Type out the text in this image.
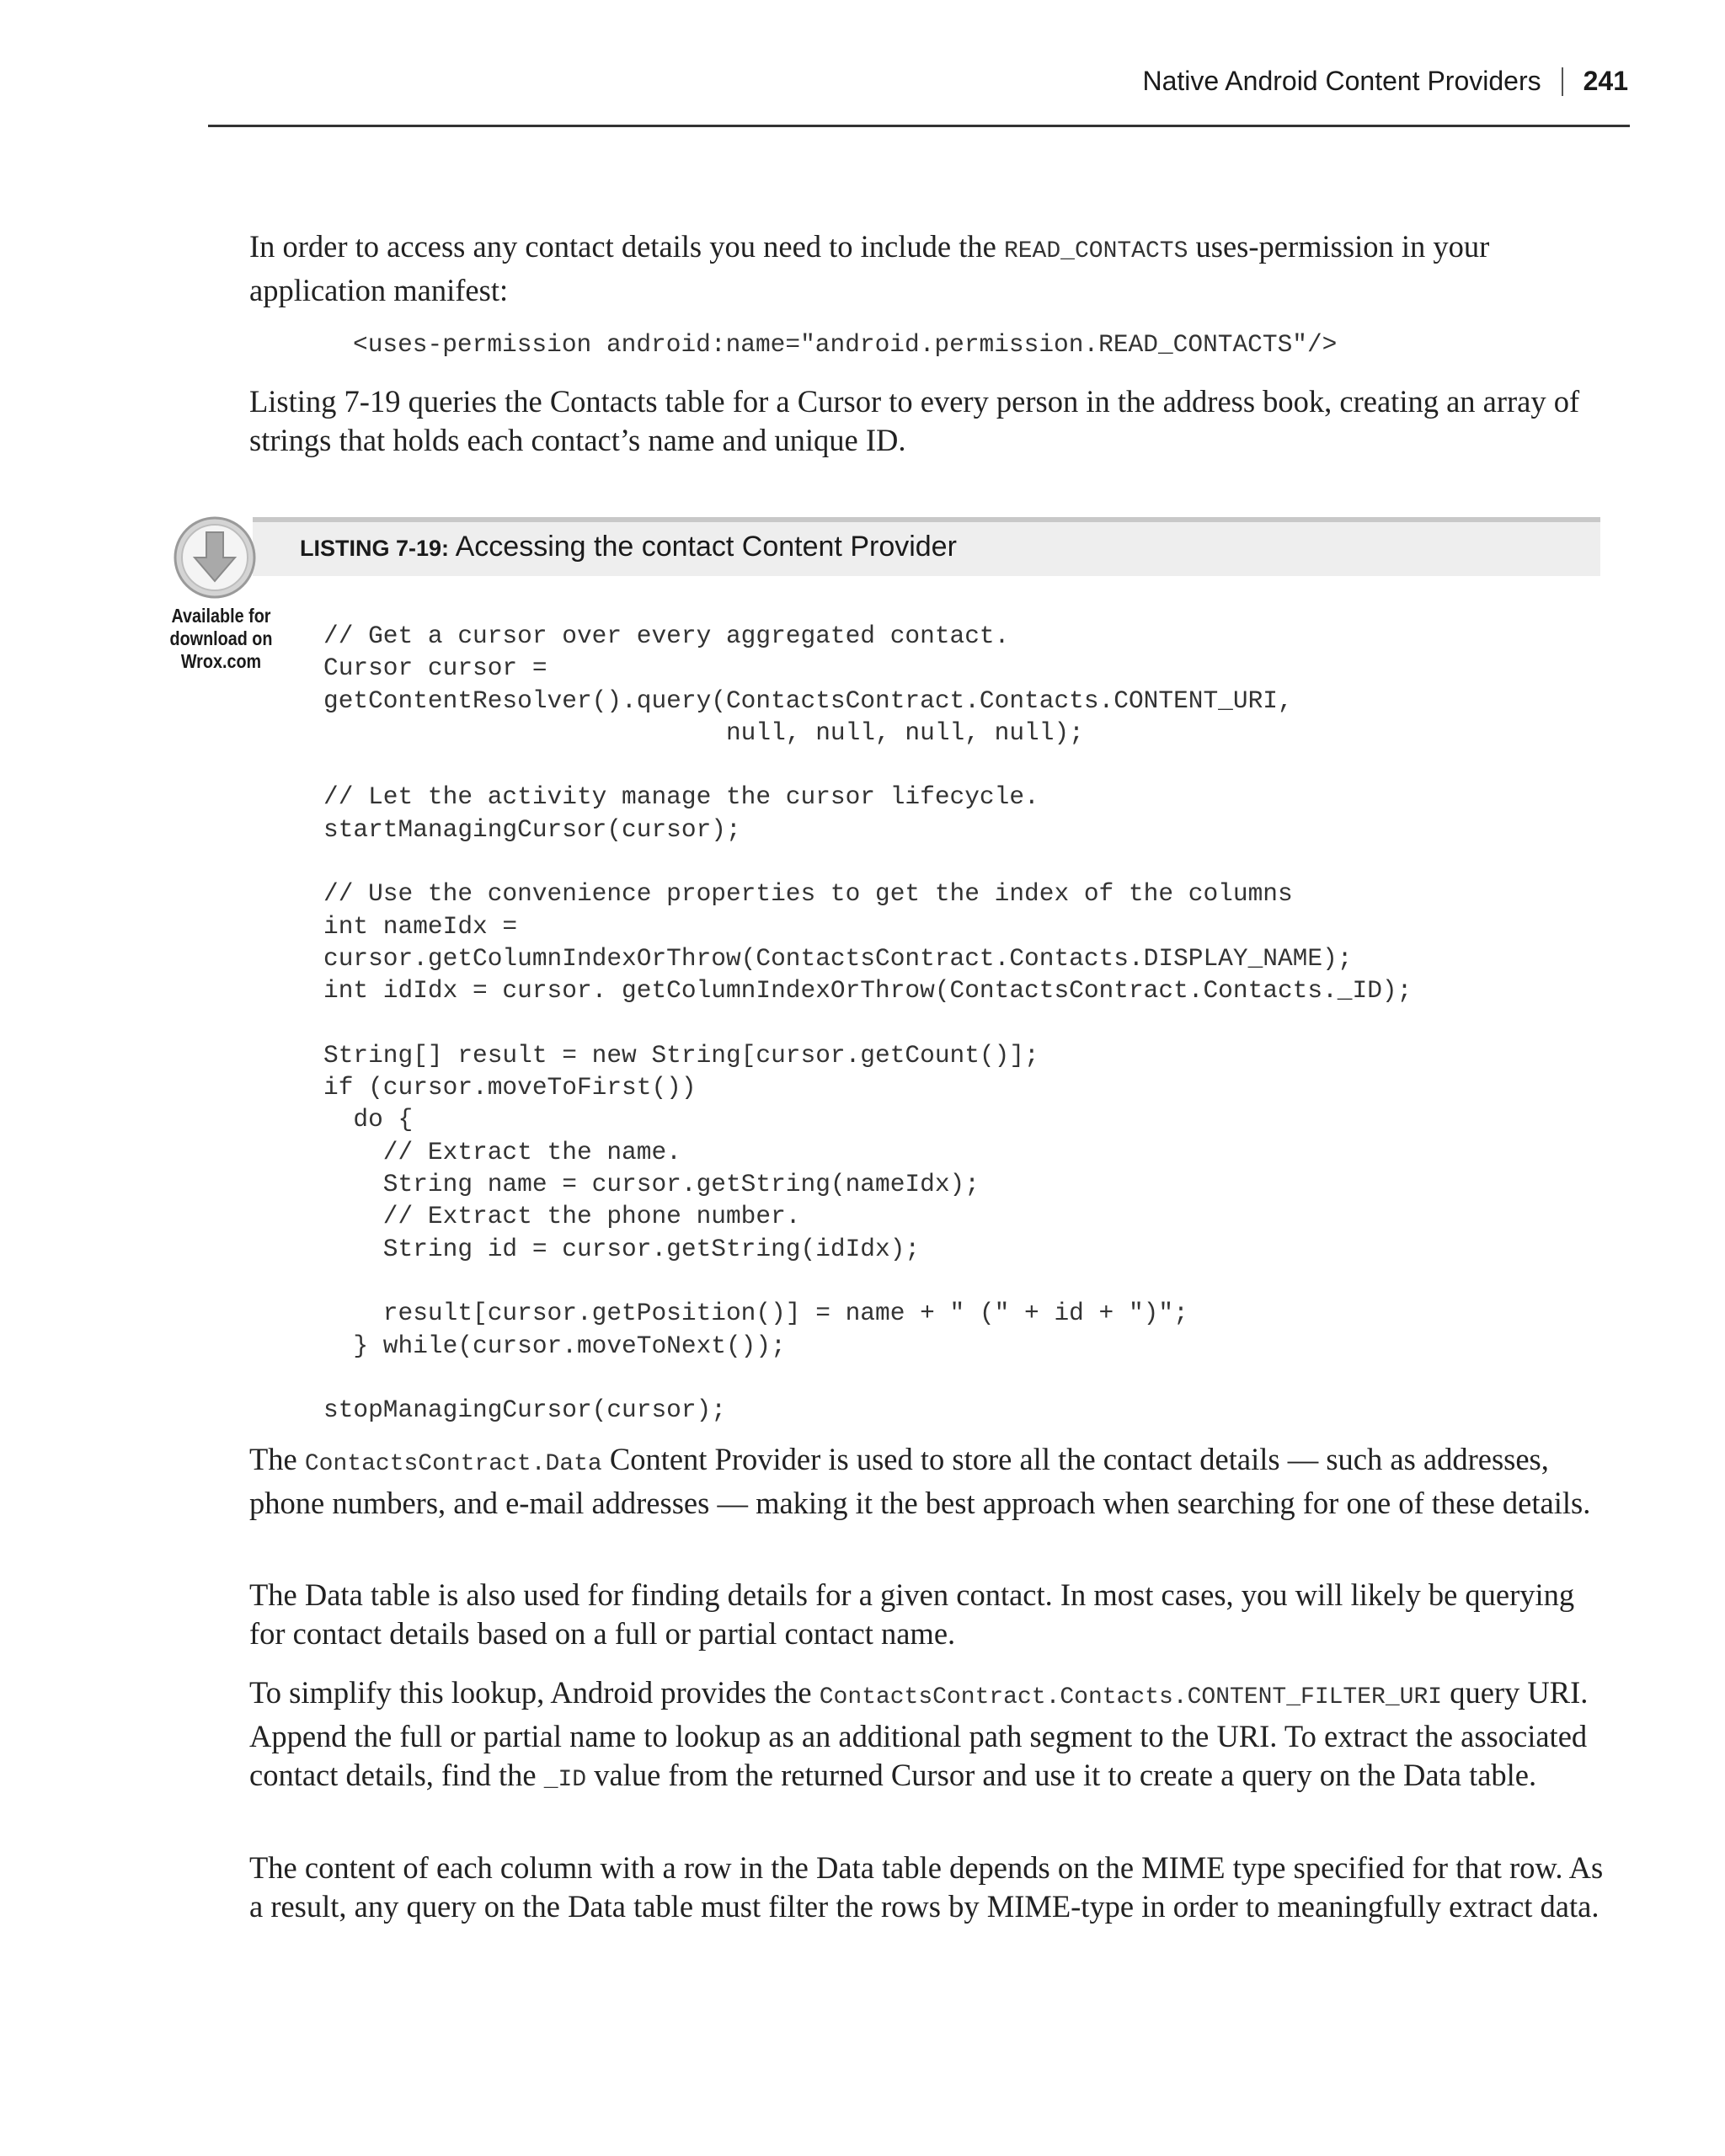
Native Android Content Providers 241

In order to access any contact details you need to include the READ_CONTACTS uses-permission in your application manifest:

<uses-permission android:name="android.permission.READ_CONTACTS"/>

Listing 7-19 queries the Contacts table for a Cursor to every person in the address book, creating an array of strings that holds each contact’s name and unique ID.

LISTING 7-19: Accessing the contact Content Provider
Available for
download on
Wrox.com
// Get a cursor over every aggregated contact.
Cursor cursor =
getContentResolver().query(ContactsContract.Contacts.CONTENT_URI,
null, null, null, null);

// Let the activity manage the cursor lifecycle.
startManagingCursor(cursor);

// Use the convenience properties to get the index of the columns
int nameIdx =
cursor.getColumnIndexOrThrow(ContactsContract.Contacts.DISPLAY_NAME);
int idIdx = cursor. getColumnIndexOrThrow(ContactsContract.Contacts._ID);

String[] result = new String[cursor.getCount()];
if (cursor.moveToFirst())
do {
// Extract the name.
String name = cursor.getString(nameIdx);
// Extract the phone number.
String id = cursor.getString(idIdx);

result[cursor.getPosition()] = name + " (" + id + ")";
} while(cursor.moveToNext());

stopManagingCursor(cursor);

The ContactsContract.Data Content Provider is used to store all the contact details — such as addresses, phone numbers, and e-mail addresses — making it the best approach when searching for one of these details.

The Data table is also used for finding details for a given contact. In most cases, you will likely be querying for contact details based on a full or partial contact name.

To simplify this lookup, Android provides the ContactsContract.Contacts.CONTENT_FILTER_URI query URI. Append the full or partial name to lookup as an additional path segment to the URI. To extract the associated contact details, find the _ID value from the returned Cursor and use it to create a query on the Data table.

The content of each column with a row in the Data table depends on the MIME type specified for that row. As a result, any query on the Data table must filter the rows by MIME-type in order to meaningfully extract data.
